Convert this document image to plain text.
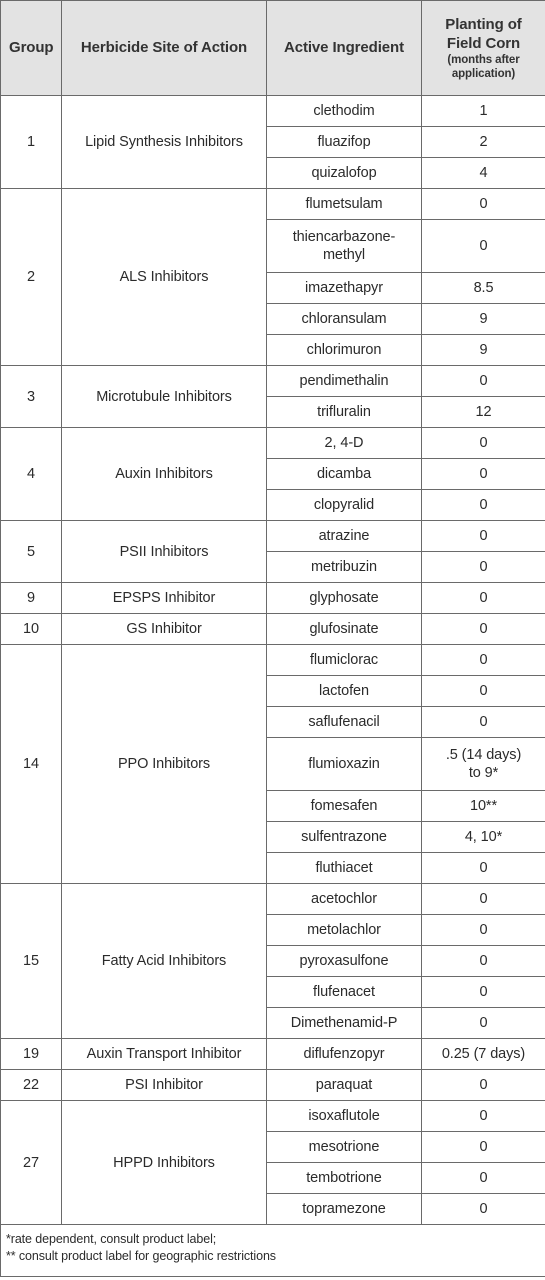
Group	Herbicide Site of Action	Active Ingredient	Planting of
Field Corn
(months after
application)

1	Lipid Synthesis Inhibitors	clethodim	1
		fluazifop	2
		quizalofop	4
2	ALS Inhibitors	flumetsulam	0

		thiencarbazone-
methyl	0
		imazethapyr	8.5
		chloransulam	9
		chlorimuron	9
3	Microtubule Inhibitors	pendimethalin	0
		trifluralin	12
4	Auxin Inhibitors	2, 4-D	0
		dicamba	0
		clopyralid	0
5	PSII Inhibitors	atrazine	0
		metribuzin	0
9	EPSPS Inhibitor	glyphosate	0
10	GS Inhibitor	glufosinate	0
14	PPO Inhibitors	flumiclorac	0
		lactofen	0
		saflufenacil	0
		flumioxazin	.5 (14 days)
to 9*

		fomesafen	10**
		sulfentrazone	4, 10*
		fluthiacet	0
15	Fatty Acid Inhibitors	acetochlor	0
		metolachlor	0
		pyroxasulfone	0
		flufenacet	0
		Dimethenamid-P	0
19	Auxin Transport Inhibitor	diflufenzopyr	0.25 (7 days)
22	PSI Inhibitor	paraquat	0
27	HPPD Inhibitors	isoxaflutole	0
		mesotrione	0
		tembotrione	0
		topramezone	0

*rate dependent, consult product label;
** consult product label for geographic restrictions			
